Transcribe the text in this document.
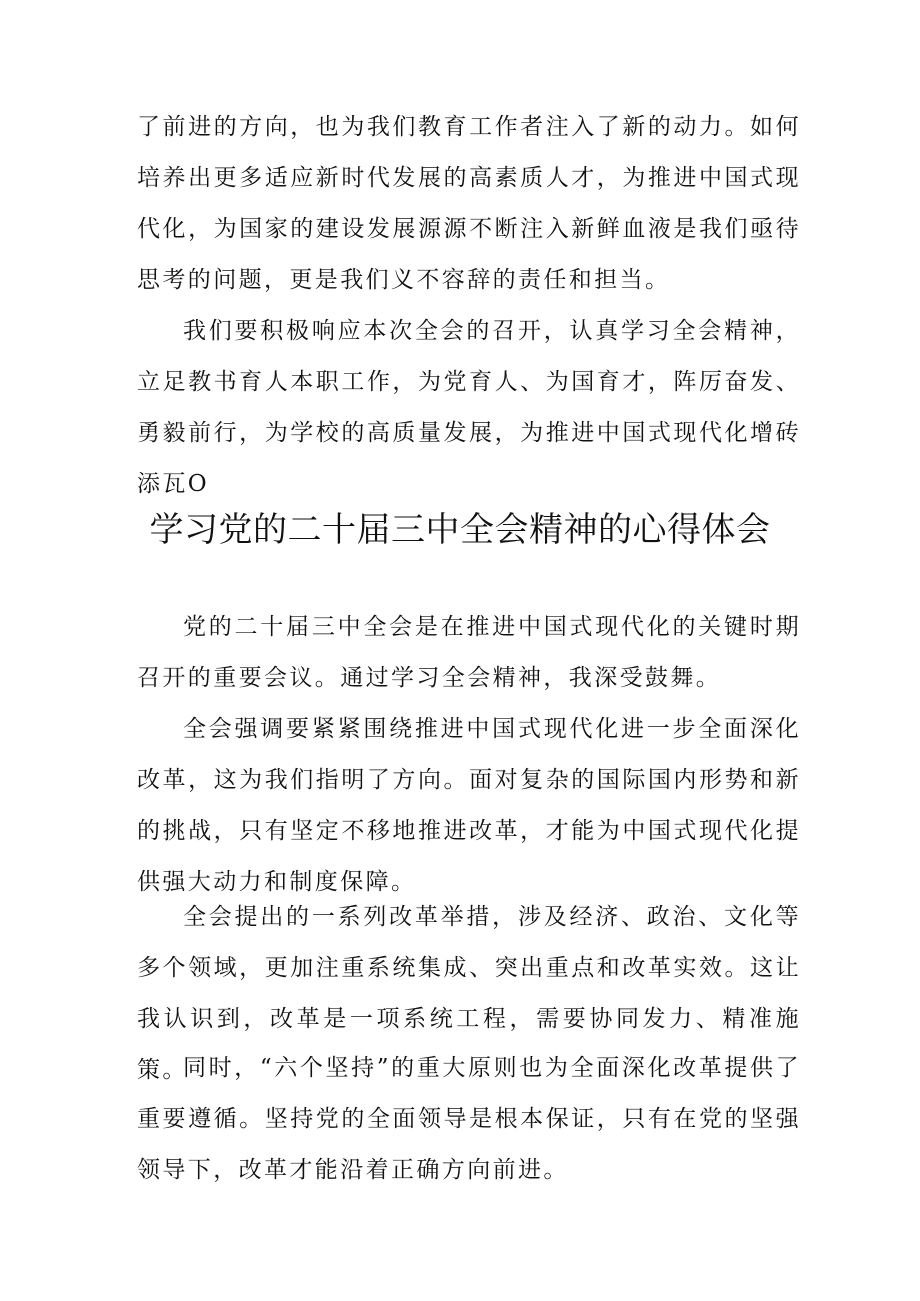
了前进的方向，也为我们教育工作者注入了新的动力。如何培养出更多适应新时代发展的高素质人才，为推进中国式现代化，为国家的建设发展源源不断注入新鲜血液是我们亟待思考的问题，更是我们义不容辞的责任和担当。

我们要积极响应本次全会的召开，认真学习全会精神，立足教书育人本职工作，为党育人、为国育才，阵厉奋发、勇毅前行，为学校的高质量发展，为推进中国式现代化增砖添瓦O

学习党的二十届三中全会精神的心得体会

党的二十届三中全会是在推进中国式现代化的关键时期召开的重要会议。通过学习全会精神，我深受鼓舞。

全会强调要紧紧围绕推进中国式现代化进一步全面深化改革，这为我们指明了方向。面对复杂的国际国内形势和新的挑战，只有坚定不移地推进改革，才能为中国式现代化提供强大动力和制度保障。

全会提出的一系列改革举措，涉及经济、政治、文化等多个领域，更加注重系统集成、突出重点和改革实效。这让我认识到，改革是一项系统工程，需要协同发力、精准施策。

同时，“六个坚持”的重大原则也为全面深化改革提供了重要遵循。坚持党的全面领导是根本保证，只有在党的坚强领导下，改革才能沿着正确方向前进。
